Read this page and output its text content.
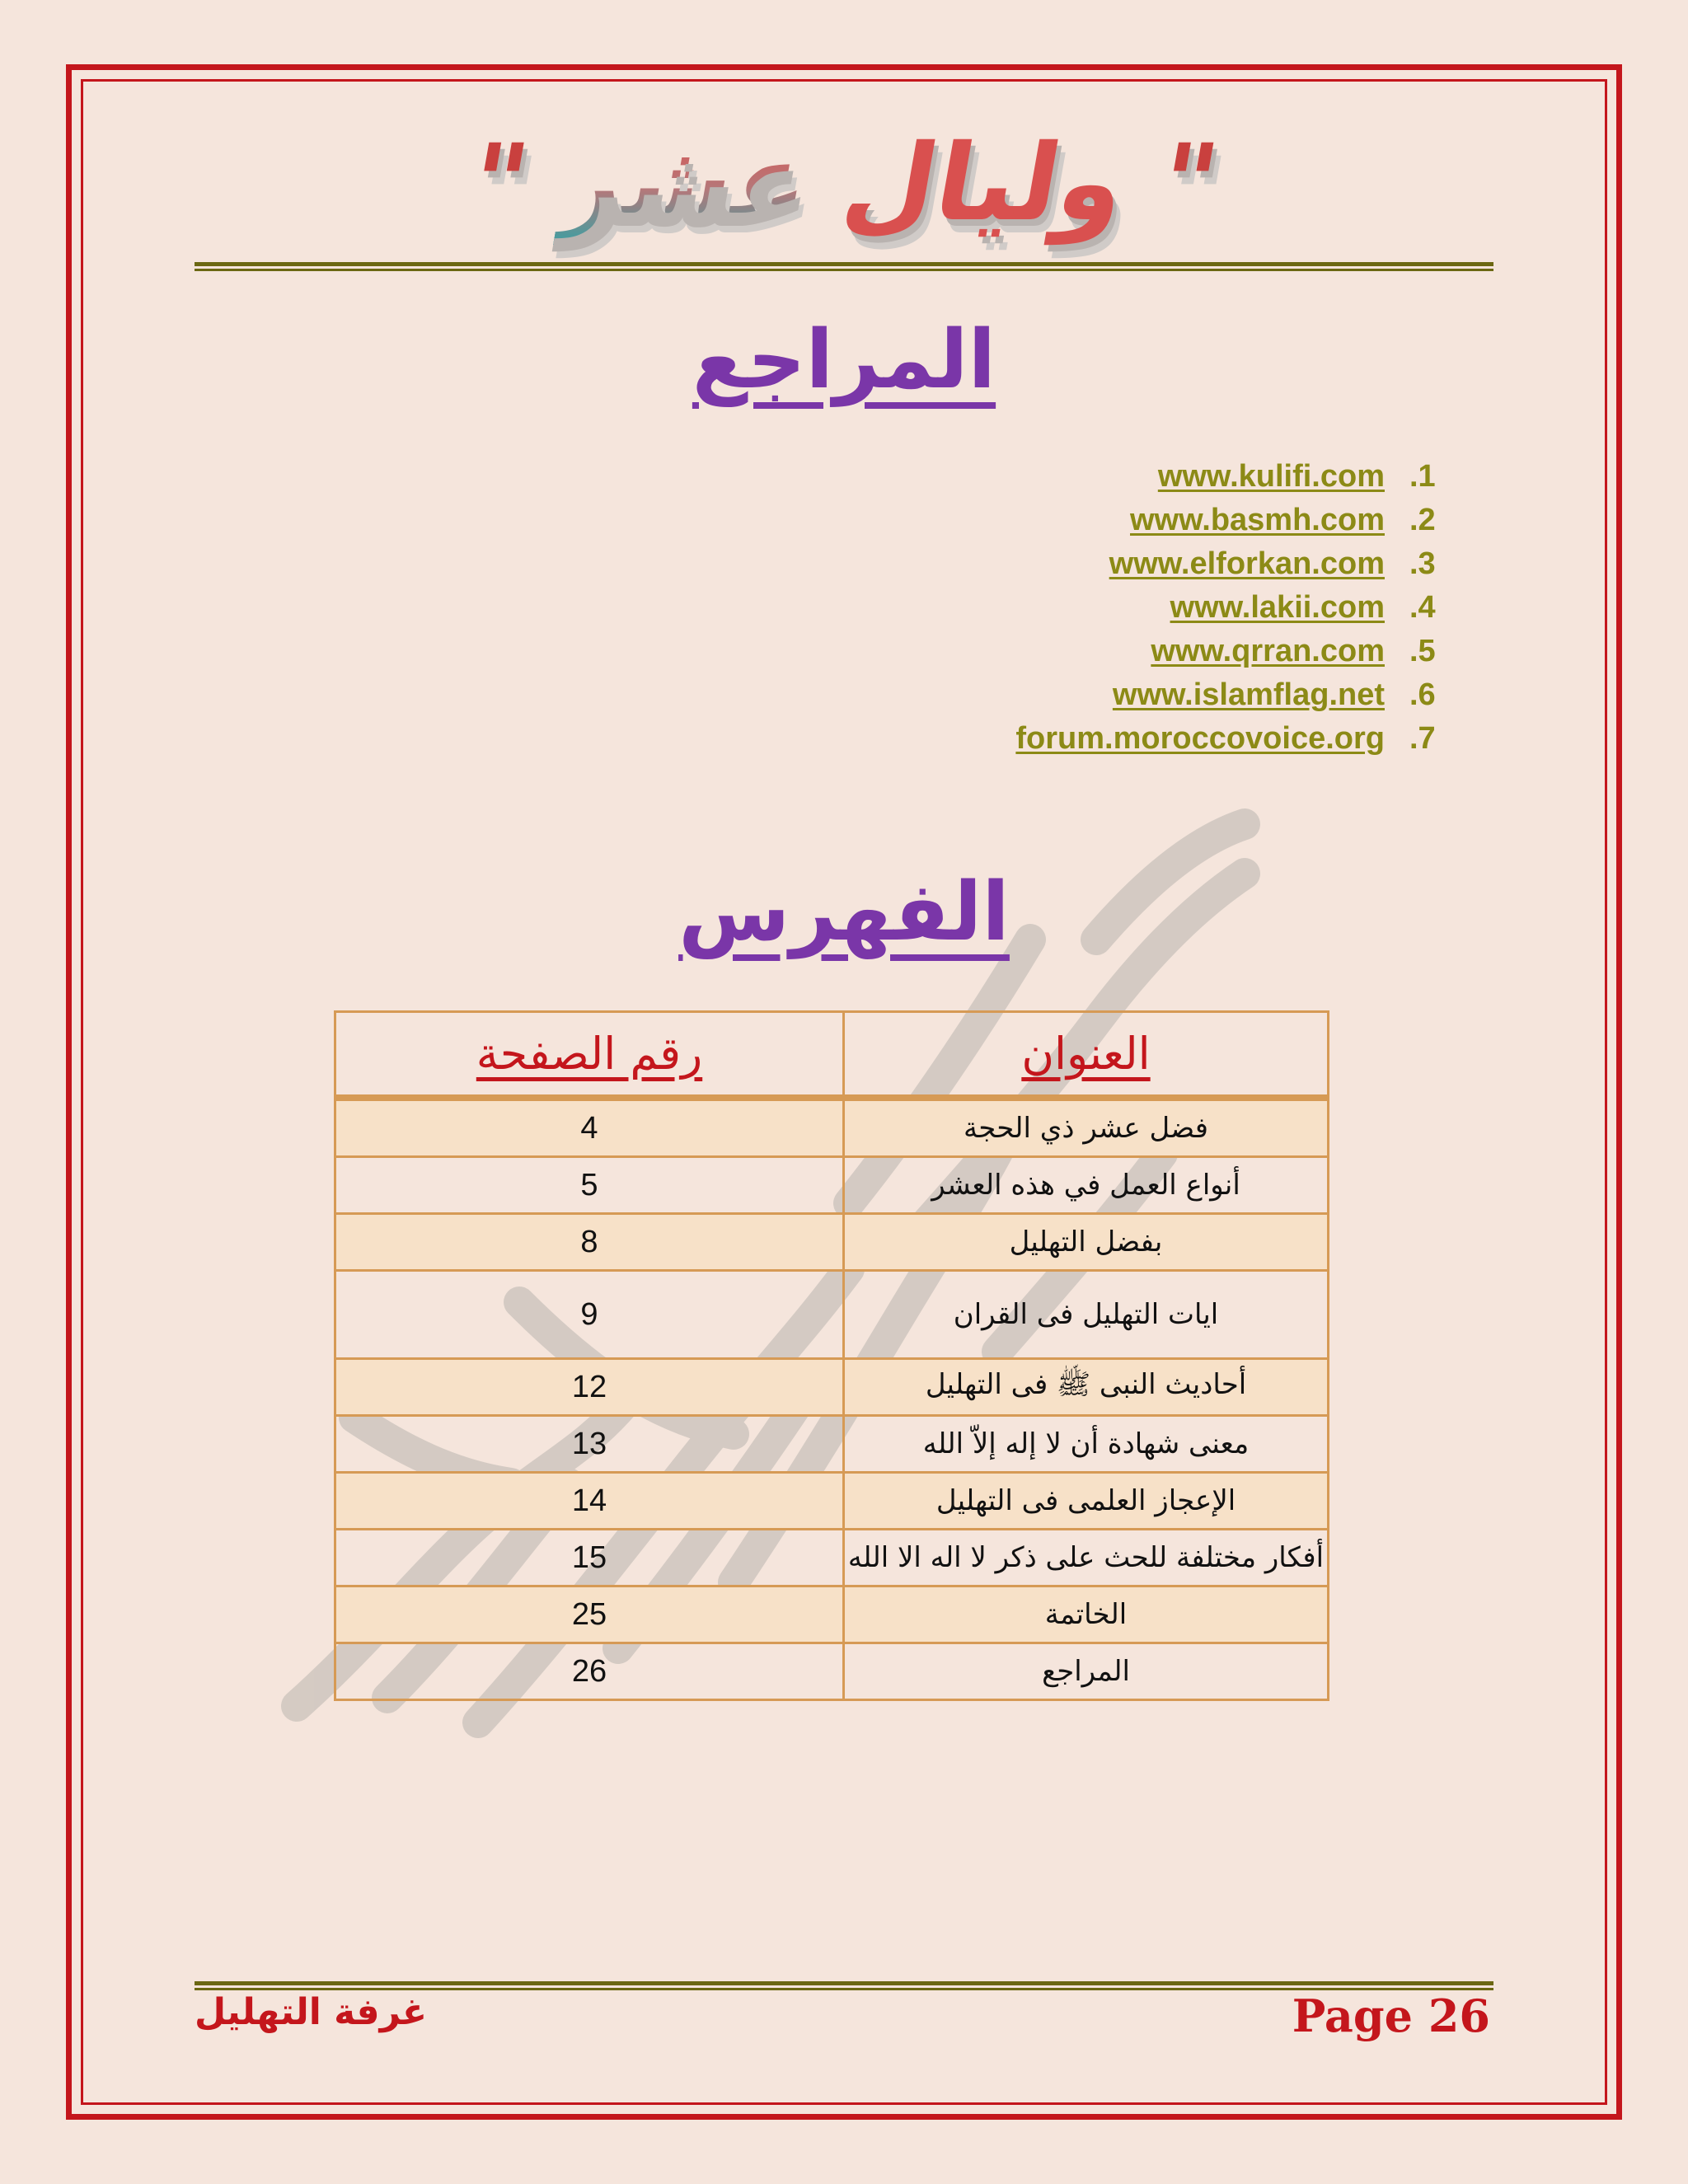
" وليال عشر "
المراجع
www.kulifi.com .1
www.basmh.com .2
www.elforkan.com .3
www.lakii.com .4
www.qrran.com .5
www.islamflag.net .6
forum.moroccovoice.org .7
الفهرس
العنوان	رقم الصفحة
فضل عشر ذي الحجة	4
أنواع العمل في هذه العشر	5
بفضل التهليل	8
ايات التهليل فى القران	9
أحاديث النبى ﷺ فى التهليل	12
معنى شهادة أن لا إله إلاّ الله	13
الإعجاز العلمى فى التهليل	14
أفكار مختلفة للحث على ذكر لا اله الا الله	15
الخاتمة	25
المراجع	26
غرفة التهليل	Page 26
